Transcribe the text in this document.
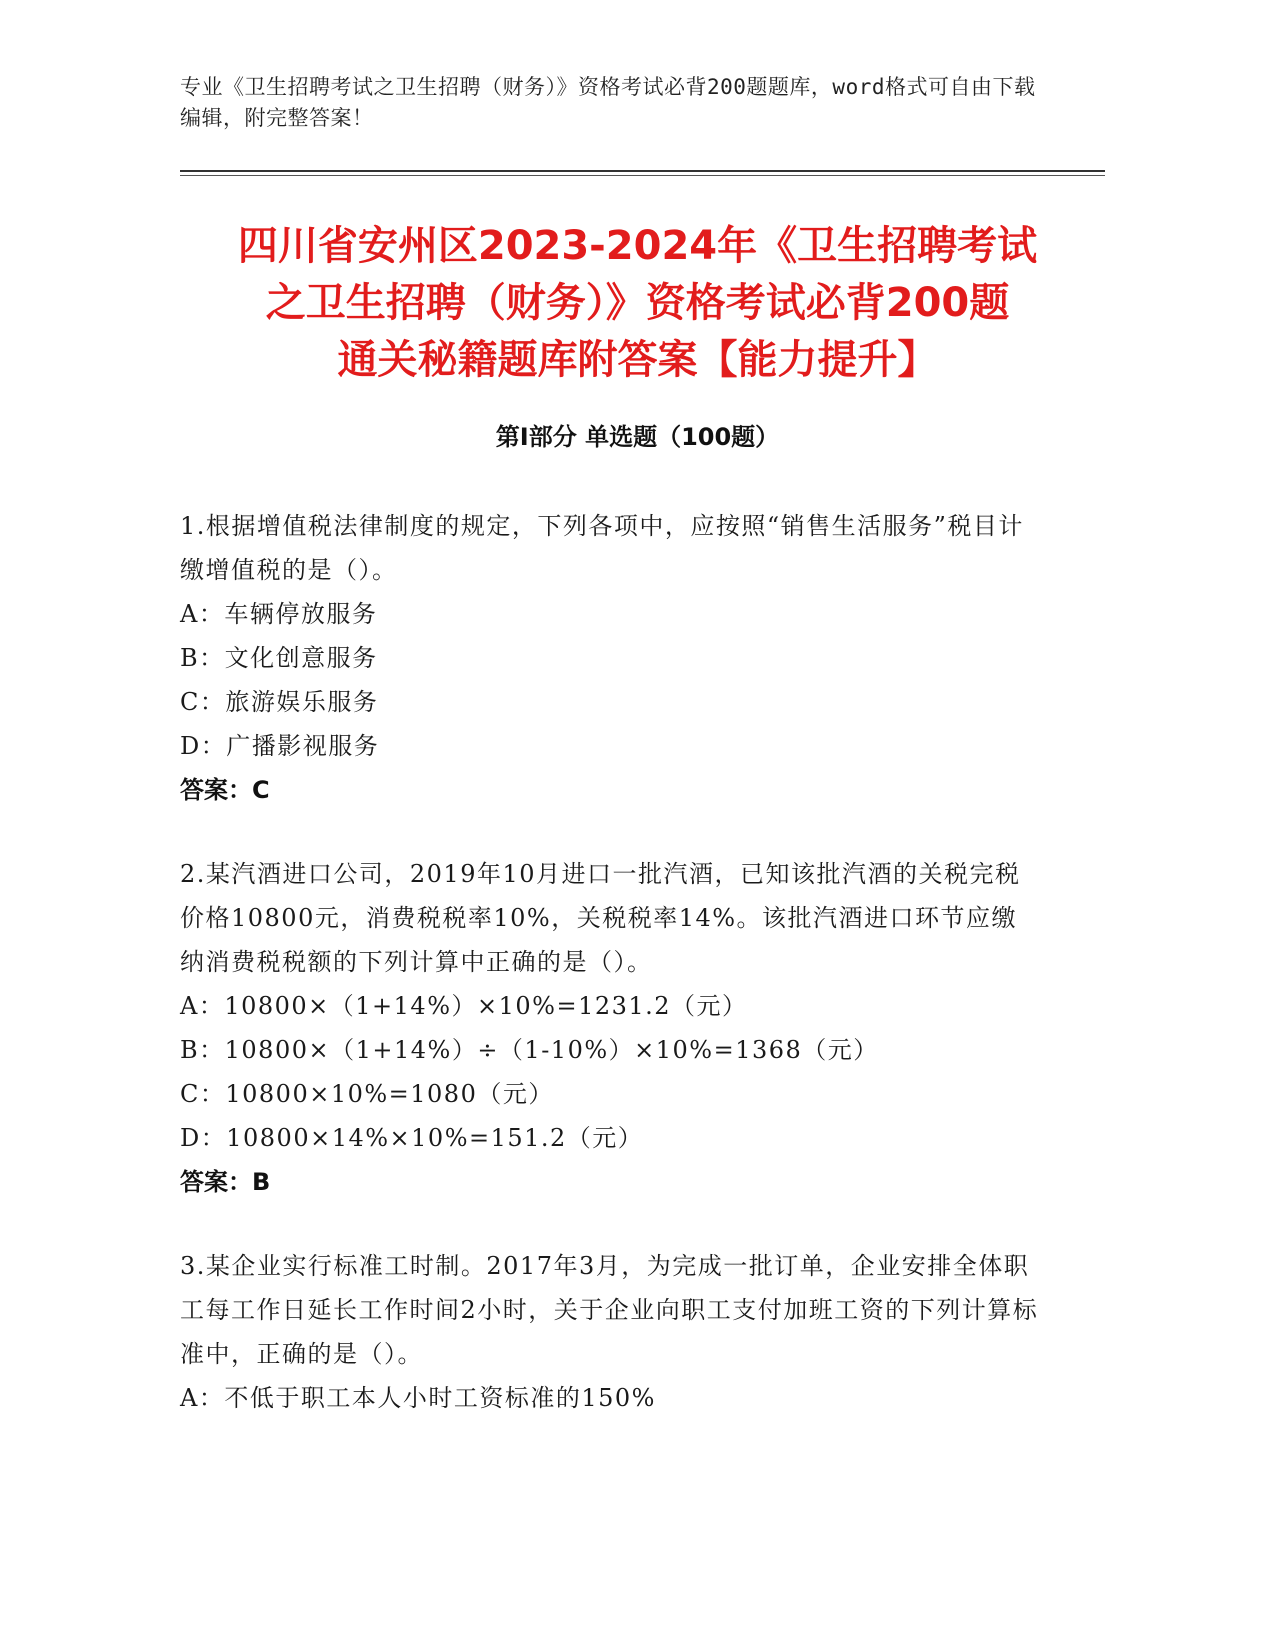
专业《卫生招聘考试之卫生招聘（财务）》资格考试必背200题题库，word格式可自由下载编辑，附完整答案！
四川省安州区2023-2024年《卫生招聘考试
之卫生招聘（财务）》资格考试必背200题
通关秘籍题库附答案【能力提升】
第Ⅰ部分 单选题（100题）
1.根据增值税法律制度的规定，下列各项中，应按照“销售生活服务”税目计缴增值税的是（）。
A：车辆停放服务
B：文化创意服务
C：旅游娱乐服务
D：广播影视服务
答案：C
2.某汽酒进口公司，2019年10月进口一批汽酒，已知该批汽酒的关税完税价格10800元，消费税税率10%，关税税率14%。该批汽酒进口环节应缴纳消费税税额的下列计算中正确的是（）。
A：10800×（1+14%）×10%=1231.2（元）
B：10800×（1+14%）÷（1-10%）×10%=1368（元）
C：10800×10%=1080（元）
D：10800×14%×10%=151.2（元）
答案：B
3.某企业实行标准工时制。2017年3月，为完成一批订单，企业安排全体职工每工作日延长工作时间2小时，关于企业向职工支付加班工资的下列计算标准中，正确的是（）。
A：不低于职工本人小时工资标准的150%
